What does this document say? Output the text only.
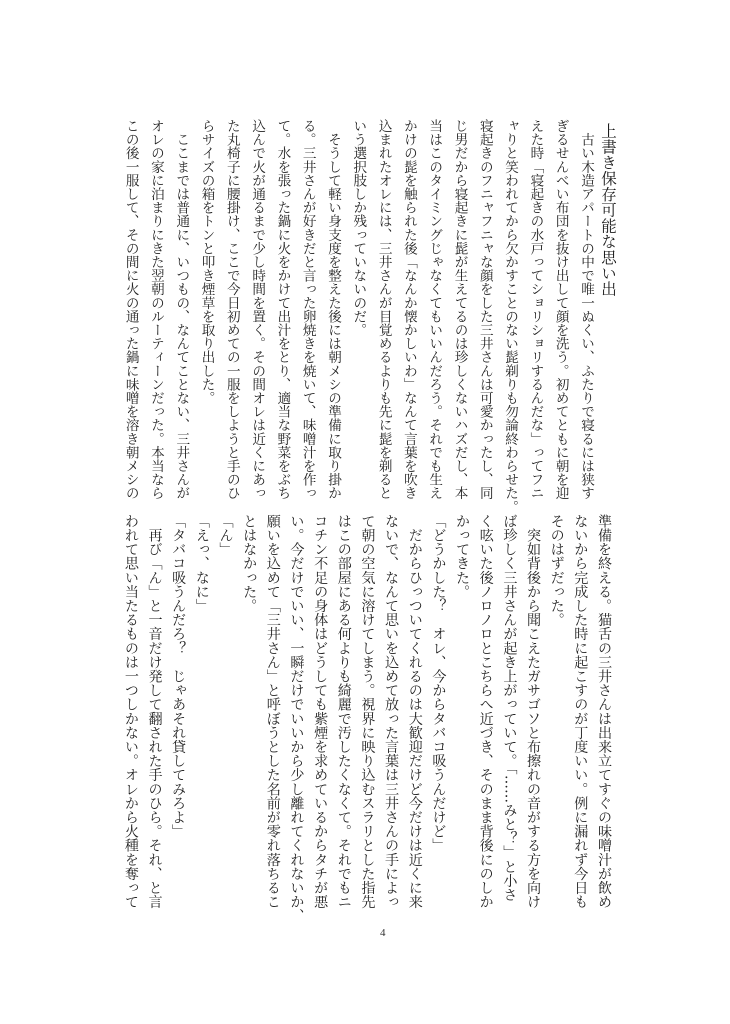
上書き保存可能な思い出
　古い木造アパートの中で唯一ぬくい、ふたりで寝るには狭す
ぎるせんべい布団を抜け出して顔を洗う。初めてともに朝を迎
えた時「寝起きの水戸ってショリショリするんだな」ってフニ
ャりと笑われてから欠かすことのない髭剃りも勿論終わらせた。
寝起きのフニャフニャな顔をした三井さんは可愛かったし、同
じ男だから寝起きに髭が生えてるのは珍しくないハズだし、本
当はこのタイミングじゃなくてもいいんだろう。それでも生え
かけの髭を触られた後「なんか懐かしいわ」なんて言葉を吹き
込まれたオレには、三井さんが目覚めるよりも先に髭を剃ると
いう選択肢しか残っていないのだ。
　そうして軽い身支度を整えた後には朝メシの準備に取り掛か
る。三井さんが好きだと言った卵焼きを焼いて、味噌汁を作っ
て。水を張った鍋に火をかけて出汁をとり、適当な野菜をぶち
込んで火が通るまで少し時間を置く。その間オレは近くにあっ
た丸椅子に腰掛け、ここで今日初めての一服をしようと手のひ
らサイズの箱をトンと叩き煙草を取り出した。
　ここまでは普通に、いつもの、なんてことない、三井さんが
オレの家に泊まりにきた翌朝のルーティーンだった。本当なら
この後一服して、その間に火の通った鍋に味噌を溶き朝メシの
準備を終える。猫舌の三井さんは出来立てすぐの味噌汁が飲め
ないから完成した時に起こすのが丁度いい。例に漏れず今日も
そのはずだった。
　突如背後から聞こえたガサゴソと布擦れの音がする方を向け
ば珍しく三井さんが起き上がっていて。「……みと？」と小さ
く呟いた後ノロノロとこちらへ近づき、そのまま背後にのしか
かってきた。
「どうかした？　オレ、今からタバコ吸うんだけど」
　だからひっついてくれるのは大歓迎だけど今だけは近くに来
ないで、なんて思いを込めて放った言葉は三井さんの手によっ
て朝の空気に溶けてしまう。視界に映り込むスラリとした指先
はこの部屋にある何よりも綺麗で汚したくなくて。それでもニ
コチン不足の身体はどうしても紫煙を求めているからタチが悪
い。今だけでいい、一瞬だけでいいから少し離れてくれないか、
願いを込めて「三井さん」と呼ぼうとした名前が零れ落ちるこ
とはなかった。
「ん」
「えっ、なに」
「タバコ吸うんだろ？　じゃあそれ貸してみろよ」
　再び「ん」と一音だけ発して翻された手のひら。それ、と言
われて思い当たるものは一つしかない。オレから火種を奪って
4
